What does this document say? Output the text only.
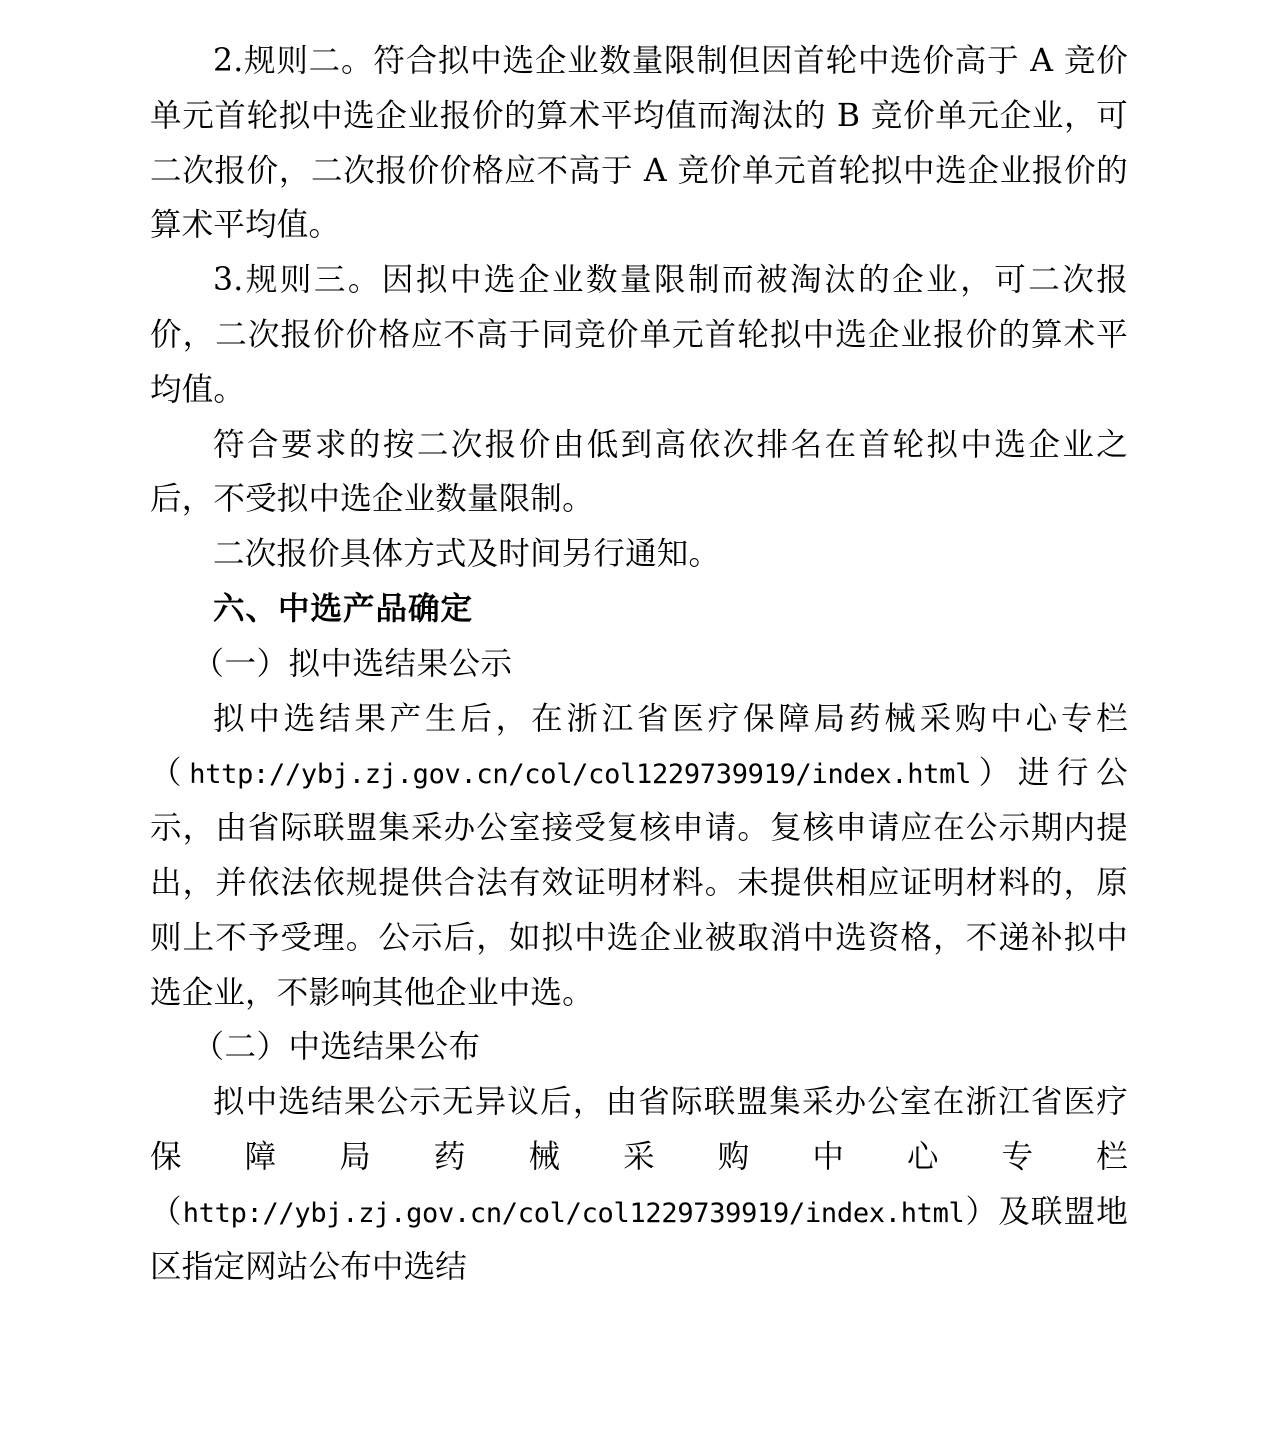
2.规则二。符合拟中选企业数量限制但因首轮中选价高于 A 竞价单元首轮拟中选企业报价的算术平均值而淘汰的 B 竞价单元企业，可二次报价，二次报价价格应不高于 A 竞价单元首轮拟中选企业报价的算术平均值。

3.规则三。因拟中选企业数量限制而被淘汰的企业，可二次报价，二次报价价格应不高于同竞价单元首轮拟中选企业报价的算术平均值。

符合要求的按二次报价由低到高依次排名在首轮拟中选企业之后，不受拟中选企业数量限制。

二次报价具体方式及时间另行通知。

六、中选产品确定

（一）拟中选结果公示

拟中选结果产生后，在浙江省医疗保障局药械采购中心专栏（http://ybj.zj.gov.cn/col/col1229739919/index.html）进行公示，由省际联盟集采办公室接受复核申请。复核申请应在公示期内提出，并依法依规提供合法有效证明材料。未提供相应证明材料的，原则上不予受理。公示后，如拟中选企业被取消中选资格，不递补拟中选企业，不影响其他企业中选。

（二）中选结果公布

拟中选结果公示无异议后，由省际联盟集采办公室在浙江省医疗保障局药械采购中心专栏（http://ybj.zj.gov.cn/col/col1229739919/index.html）及联盟地区指定网站公布中选结
